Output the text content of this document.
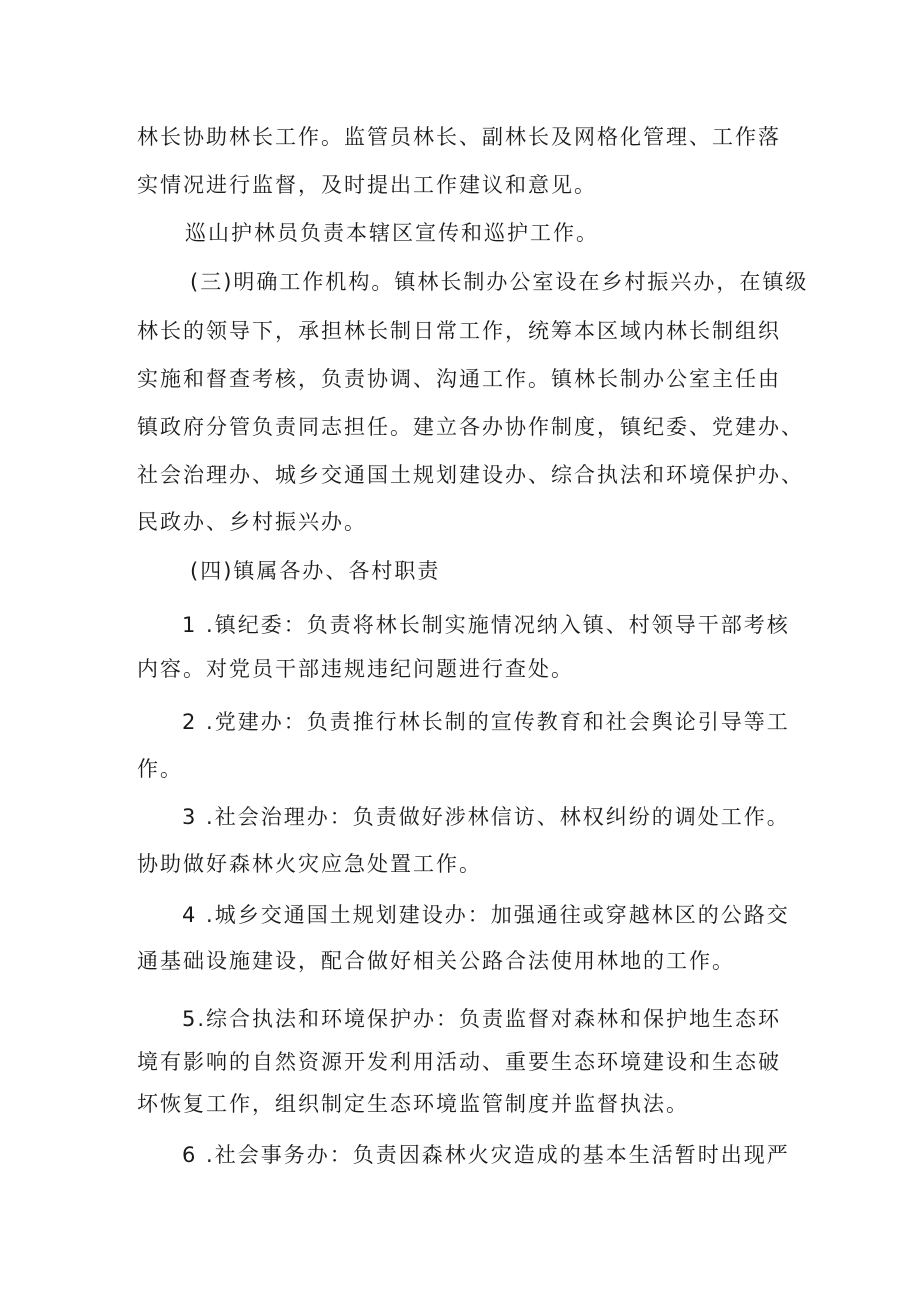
林长协助林长工作。监管员林长、副林长及网格化管理、工作落
实情况进行监督，及时提出工作建议和意见。
巡山护林员负责本辖区宣传和巡护工作。
(三)明确工作机构。镇林长制办公室设在乡村振兴办，在镇级
林长的领导下，承担林长制日常工作，统筹本区域内林长制组织
实施和督查考核，负责协调、沟通工作。镇林长制办公室主任由
镇政府分管负责同志担任。建立各办协作制度，镇纪委、党建办、
社会治理办、城乡交通国土规划建设办、综合执法和环境保护办、
民政办、乡村振兴办。
(四)镇属各办、各村职责
1 .镇纪委：负责将林长制实施情况纳入镇、村领导干部考核
内容。对党员干部违规违纪问题进行查处。
2 .党建办：负责推行林长制的宣传教育和社会舆论引导等工
作。
3 .社会治理办：负责做好涉林信访、林权纠纷的调处工作。
协助做好森林火灾应急处置工作。
4 .城乡交通国土规划建设办：加强通往或穿越林区的公路交
通基础设施建设，配合做好相关公路合法使用林地的工作。
5.综合执法和环境保护办：负责监督对森林和保护地生态环
境有影响的自然资源开发利用活动、重要生态环境建设和生态破
坏恢复工作，组织制定生态环境监管制度并监督执法。
6 .社会事务办：负责因森林火灾造成的基本生活暂时出现严
